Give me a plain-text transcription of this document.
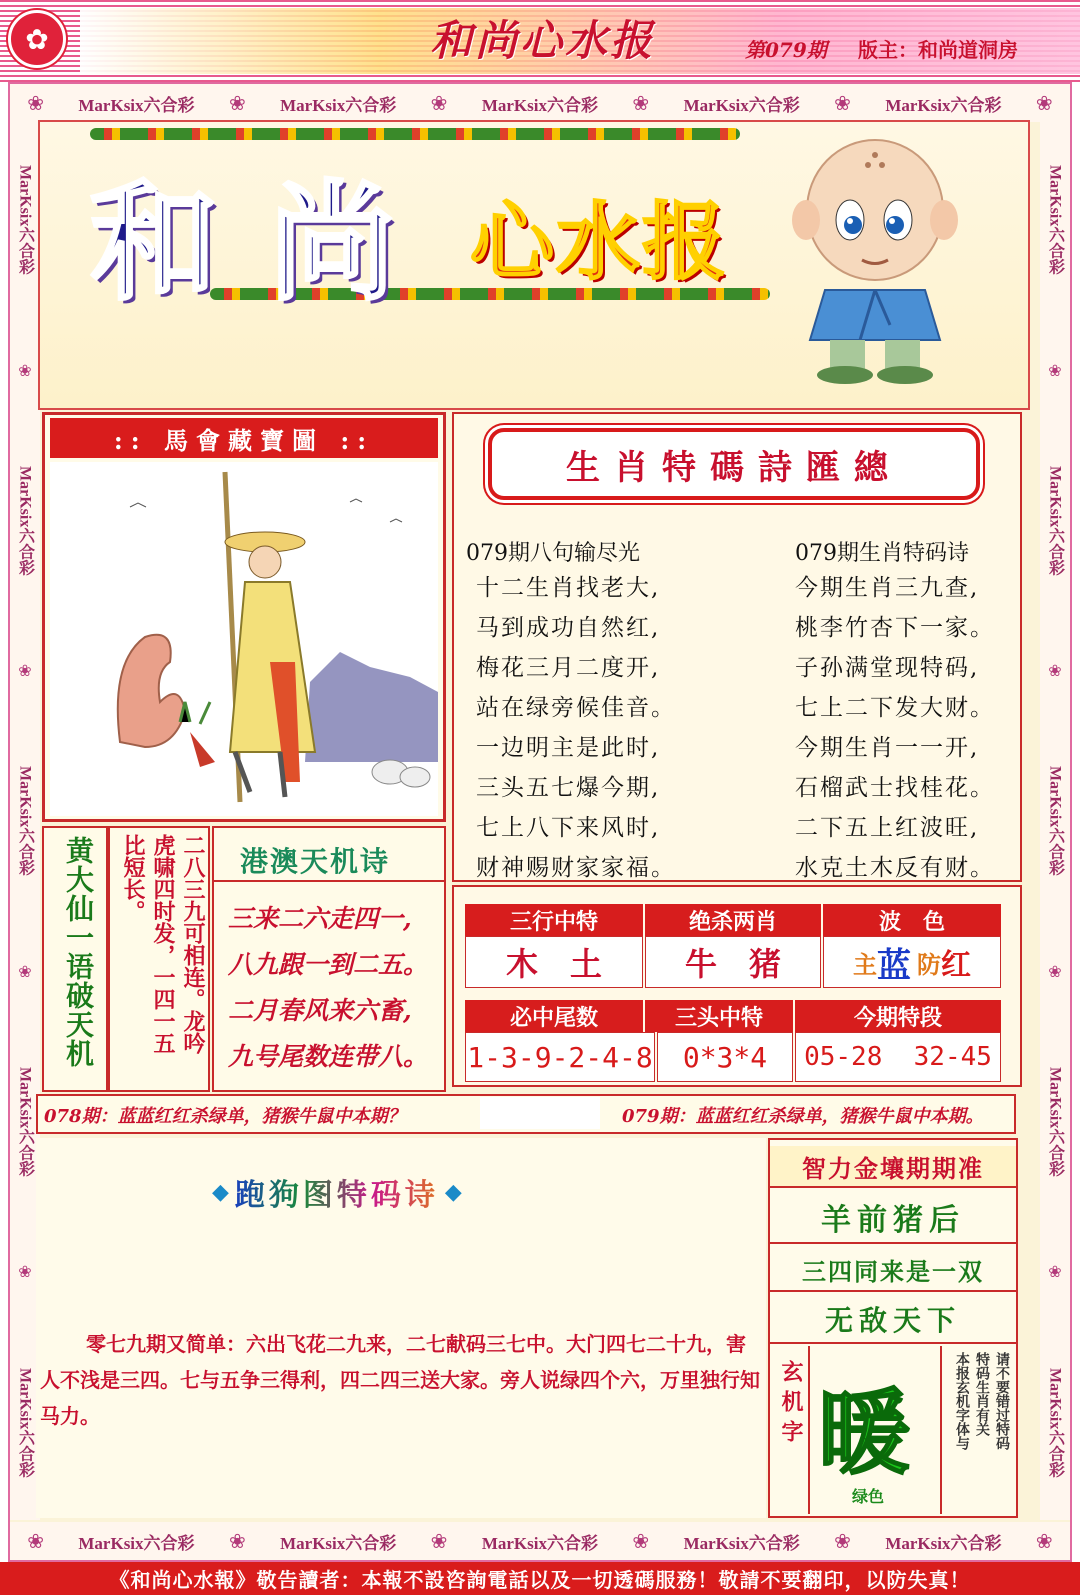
✿	和尚心水报	第079期 版主：和尚道洞房
❀ MarKsix六合彩 ❀ MarKsix六合彩 ❀ MarKsix六合彩 ❀ MarKsix六合彩 ❀ MarKsix六合彩 ❀
❀ MarKsix六合彩 ❀ MarKsix六合彩 ❀ MarKsix六合彩 ❀ MarKsix六合彩 ❀ MarKsix六合彩 ❀
MarKsix六合彩
❀
MarKsix六合彩
❀
MarKsix六合彩
❀
MarKsix六合彩
❀
MarKsix六合彩
MarKsix六合彩
❀
MarKsix六合彩
❀
MarKsix六合彩
❀
MarKsix六合彩
❀
MarKsix六合彩
和尚 心水报
:: 馬會藏寶圖 ::
生肖特碼詩匯總
079期八句输尽光
十二生肖找老大,
马到成功自然红,
梅花三月二度开,
站在绿旁候佳音。
一边明主是此时,
三头五七爆今期,
七上八下来风时,
财神赐财家家福。
079期生肖特码诗
今期生肖三九查,
桃李竹杏下一家。
子孙满堂现特码,
七上二下发大财。
今期生肖一一开,
石榴武士找桂花。
二下五上红波旺,
水克土木反有财。
黄大仙一语破天机	二八三九可相连。龙吟
虎啸四时发，一四一五
比短长。	港澳天机诗
三来二六走四一,
八九跟一到二五。
二月春风来六畜,
九号尾数连带八。
三行中特	绝杀两肖	波　色
木　土	牛　猪	主 蓝 防 红
必中尾数	三头中特	今期特段
1-3-9-2-4-8	0*3*4	05-28  32-45
078期：蓝蓝红红杀绿单，猪猴牛鼠中本期？	079期：蓝蓝红红杀绿单，猪猴牛鼠中本期。
◆ 跑狗图特码诗 ◆
零七九期又简单：六出飞花二九来，二七献码三七中。大门四七二十九，害人不浅是三四。七与五争三得利，四二四三送大家。旁人说绿四个六，万里独行知马力。
智力金壤期期准
羊前猪后
三四同来是一双
无敌天下
玄机字 暖
绿色
请不要错过特码
特码生肖有关
本报玄机字体与
《和尚心水報》敬告讀者：本報不設咨詢電話以及一切透碼服務！敬請不要翻印，以防失真！
